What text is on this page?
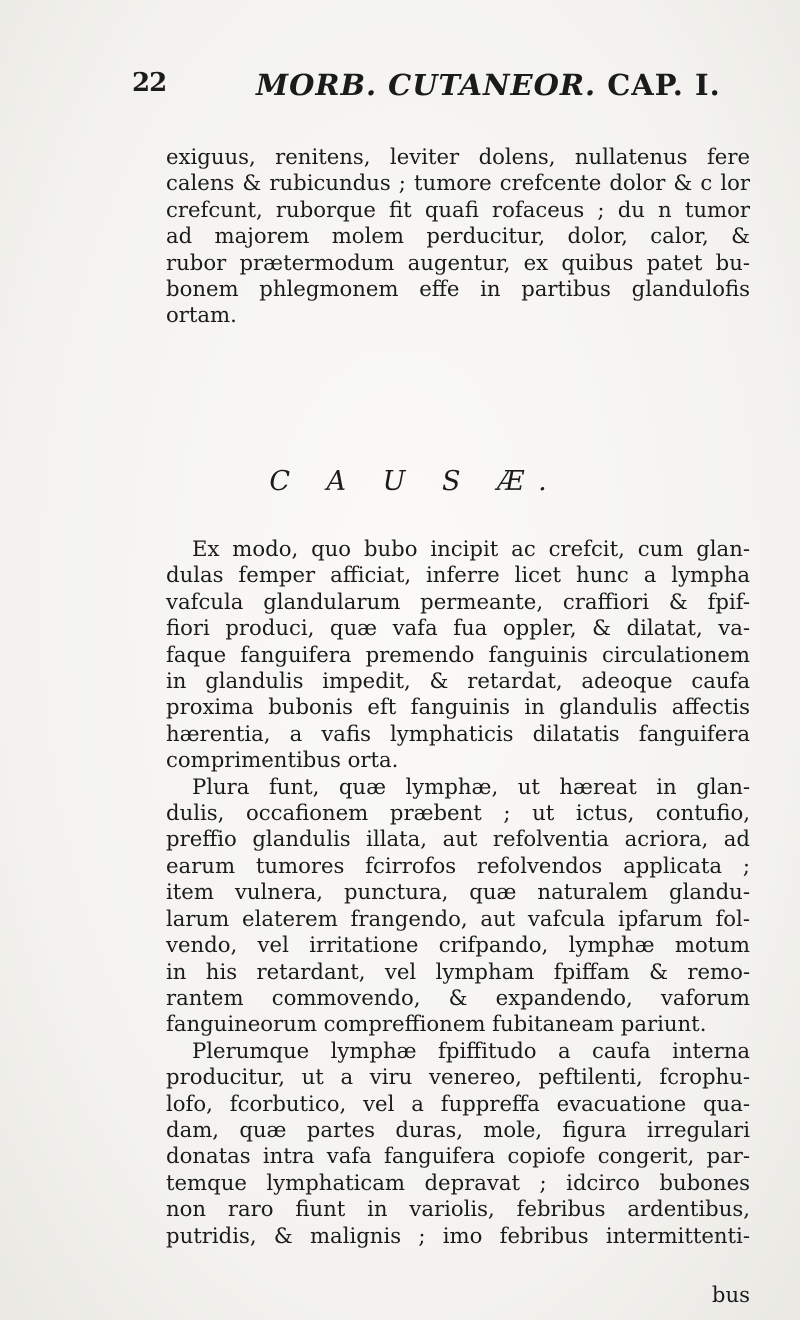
22	MORB. CUTANEOR. CAP. I.
exiguus, renitens, leviter dolens, nullatenus fere
calens & rubicundus ; tumore crefcente dolor & c lor
crefcunt, ruborque fit quafi rofaceus ; du n tumor
ad majorem molem perducitur, dolor, calor, &
rubor prætermodum augentur, ex quibus patet bu-
bonem phlegmonem effe in partibus glandulofis
ortam.
C A U S Æ.
Ex modo, quo bubo incipit ac crefcit, cum glan-
dulas femper afficiat, inferre licet hunc a lympha
vafcula glandularum permeante, craffiori & fpif-
fiori produci, quæ vafa fua oppler, & dilatat, va-
faque fanguifera premendo fanguinis circulationem
in glandulis impedit, & retardat, adeoque caufa
proxima bubonis eft fanguinis in glandulis affectis
hærentia, a vafis lymphaticis dilatatis fanguifera
comprimentibus orta.
Plura funt, quæ lymphæ, ut hæreat in glan-
dulis, occafionem præbent ; ut ictus, contufio,
preffio glandulis illata, aut refolventia acriora, ad
earum tumores fcirrofos refolvendos applicata ;
item vulnera, punctura, quæ naturalem glandu-
larum elaterem frangendo, aut vafcula ipfarum fol-
vendo, vel irritatione crifpando, lymphæ motum
in his retardant, vel lympham fpiffam & remo-
rantem commovendo, & expandendo, vaforum
fanguineorum compreffionem fubitaneam pariunt.
Plerumque lymphæ fpiffitudo a caufa interna
producitur, ut a viru venereo, peftilenti, fcrophu-
lofo, fcorbutico, vel a fuppreffa evacuatione qua-
dam, quæ partes duras, mole, figura irregulari
donatas intra vafa fanguifera copiofe congerit, par-
temque lymphaticam depravat ; idcirco bubones
non raro fiunt in variolis, febribus ardentibus,
putridis, & malignis ; imo febribus intermittenti-
bus
